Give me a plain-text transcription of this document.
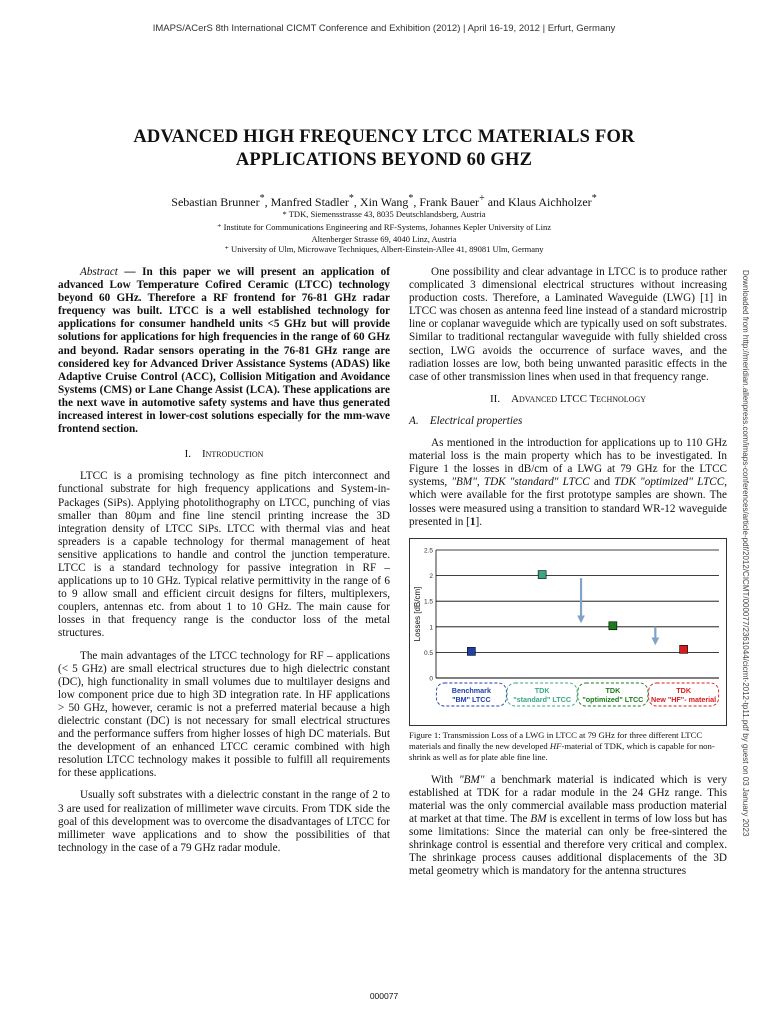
IMAPS/ACerS 8th International CICMT Conference and Exhibition (2012) | April 16-19, 2012 | Erfurt, Germany
ADVANCED HIGH FREQUENCY LTCC MATERIALS FOR
APPLICATIONS BEYOND 60 GHZ
Sebastian Brunner*, Manfred Stadler*, Xin Wang*, Frank Bauer+ and Klaus Aichholzer*
* TDK, Siemensstrasse 43, 8035 Deutschlandsberg, Austria
⁺ Institute for Communications Engineering and RF-Systems, Johannes Kepler University of Linz
Altenberger Strasse 69, 4040 Linz, Austria
⁺ University of Ulm, Microwave Techniques, Albert-Einstein-Allee 41, 89081 Ulm, Germany

Abstract — In this paper we will present an application of advanced Low Temperature Cofired Ceramic (LTCC) technology beyond 60 GHz. Therefore a RF frontend for 76-81 GHz radar frequency was built. LTCC is a well established technology for applications for consumer handheld units <5 GHz but will provide solutions for applications for high frequencies in the range of 60 GHz and beyond. Radar sensors operating in the 76-81 GHz range are considered key for Advanced Driver Assistance Systems (ADAS) like Adaptive Cruise Control (ACC), Collision Mitigation and Avoidance Systems (CMS) or Lane Change Assist (LCA). These applications are the next wave in automotive safety systems and have thus generated increased interest in lower-cost solutions especially for the mm-wave frontend section.

I.  Introduction

LTCC is a promising technology as fine pitch interconnect and functional substrate for high frequency applications and System-in-Packages (SiPs). Applying photolithography on LTCC, punching of vias smaller than 80µm and fine line stencil printing increase the 3D integration density of LTCC SiPs. LTCC with thermal vias and heat spreaders is a capable technology for thermal management of heat sensitive applications to handle and control the junction temperature. LTCC is a standard technology for passive integration in RF – applications up to 10 GHz. Typical relative permittivity in the range of 6 to 9 allow small and efficient circuit designs for filters, multiplexers, couplers, antennas etc. from about 1 to 10 GHz. The main cause for losses in that frequency range is the conductor loss of the metal structures.

The main advantages of the LTCC technology for RF – applications (< 5 GHz) are small electrical structures due to high dielectric constant (DC), high functionality in small volumes due to multilayer designs and low component price due to high 3D integration rate. In HF applications > 50 GHz, however, ceramic is not a preferred material because a high dielectric constant (DC) is not necessary for small electrical structures and the performance suffers from higher losses of high DC materials. But the development of an enhanced LTCC ceramic combined with high resolution LTCC technology makes it possible to fulfill all requirements for these applications.

Usually soft substrates with a dielectric constant in the range of 2 to 3 are used for realization of millimeter wave circuits. From TDK side the goal of this development was to overcome the disadvantages of LTCC for millimeter wave applications and to show the possibilities of that technology in the case of a 79 GHz radar module.

One possibility and clear advantage in LTCC is to produce rather complicated 3 dimensional electrical structures without increasing production costs. Therefore, a Laminated Waveguide (LWG) [1] in LTCC was chosen as antenna feed line instead of a standard microstrip line or coplanar waveguide which are typically used on soft substrates. Similar to traditional rectangular waveguide with fully shielded cross section, LWG avoids the occurrence of surface waves, and the radiation losses are low, both being unwanted parasitic effects in the case of other transmission lines when used in that frequency range.

II.  Advanced LTCC Technology

A. Electrical properties

As mentioned in the introduction for applications up to 110 GHz material loss is the main property which has to be investigated. In Figure 1 the losses in dB/cm of a LWG at 79 GHz for the LTCC systems, "BM", TDK "standard" LTCC and TDK "optimized" LTCC, which were available for the first prototype samples are shown. The losses were measured using a transition to standard WR-12 waveguide presented in [1].

Losses [dB/cm]
0
0.5
1
1.5
2
2.5
Benchmark
"BM" LTCC
TDK
"standard" LTCC
TDK
"optimized" LTCC
TDK
New "HF"- material

Figure 1: Transmission Loss of a LWG in LTCC at 79 GHz for three different LTCC materials and finally the new developed HF-material of TDK, which is capable for non-shrink as well as for plate able fine line.

With "BM" a benchmark material is indicated which is very established at TDK for a radar module in the 24 GHz range. This material was the only commercial available mass production material at market at that time. The BM is excellent in terms of low loss but has some limitations: Since the material can only be free-sintered the shrinkage control is essential and therefore very critical and complex. The shrinkage process causes additional displacements of the 3D metal geometry which is mandatory for the antenna structures

Downloaded from http://meridian.allenpress.com/imaps-conferences/article-pdf/2012/CICMT/000077/2361044/cicmt-2012-tp11.pdf by guest on 03 January 2023
000077
